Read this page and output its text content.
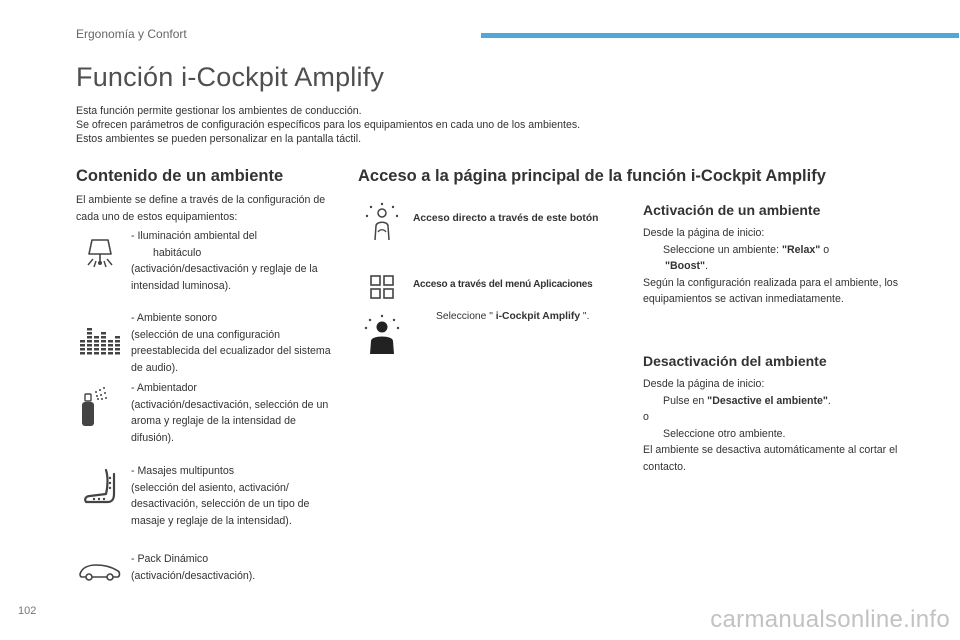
Ergonomía y Confort
Función i-Cockpit Amplify

Esta función permite gestionar los ambientes de conducción.

Se ofrecen parámetros de configuración específicos para los equipamientos en cada uno de los ambientes.

Estos ambientes se pueden personalizar en la pantalla táctil.

Contenido de un ambiente
El ambiente se define a través de la configuración de cada uno de estos equipamientos:
- Iluminación ambiental del
habitáculo
(activación/desactivación y reglaje de la intensidad luminosa).
- Ambiente sonoro
(selección de una configuración preestablecida del ecualizador del sistema de audio).
- Ambientador
(activación/desactivación, selección de un aroma y reglaje de la intensidad de difusión).
- Masajes multipuntos
(selección del asiento, activación/ desactivación, selección de un tipo de masaje y reglaje de la intensidad).
- Pack Dinámico
(activación/desactivación).
Acceso a la página principal de la función i-Cockpit Amplify
Acceso directo a través de este botón
Acceso a través del menú Aplicaciones
Seleccione " i-Cockpit Amplify ".
Activación de un ambiente
Desde la página de inicio:
Seleccione un ambiente: "Relax" o
"Boost".
Según la configuración realizada para el ambiente, los equipamientos se activan inmediatamente.
Desactivación del ambiente
Desde la página de inicio:
Pulse en "Desactive el ambiente".
o
Seleccione otro ambiente.
El ambiente se desactiva automáticamente al cortar el contacto.
102	carmanualsonline.info
